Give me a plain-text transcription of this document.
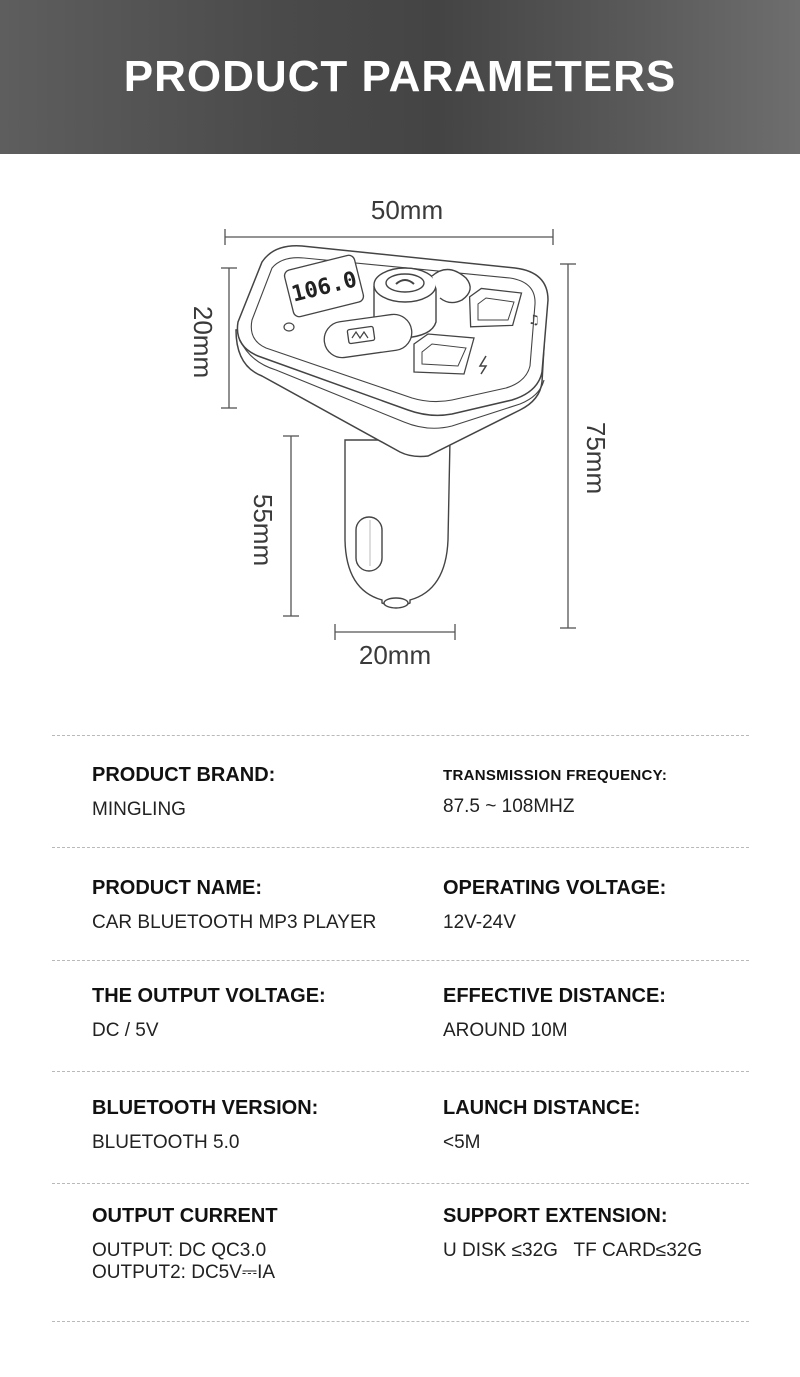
PRODUCT PARAMETERS
50mm
20mm
75mm
55mm
20mm
106.0
♫
PRODUCT BRAND:
MINGLING
TRANSMISSION FREQUENCY:
87.5 ~ 108MHZ
PRODUCT NAME:
CAR BLUETOOTH MP3 PLAYER
OPERATING VOLTAGE:
12V-24V
THE OUTPUT VOLTAGE:
DC / 5V
EFFECTIVE DISTANCE:
AROUND 10M
BLUETOOTH VERSION:
BLUETOOTH 5.0
LAUNCH DISTANCE:
<5M
OUTPUT CURRENT
OUTPUT: DC QC3.0
OUTPUT2: DC5V⎓IA
SUPPORT EXTENSION:
U DISK ≤32G   TF CARD≤32G
